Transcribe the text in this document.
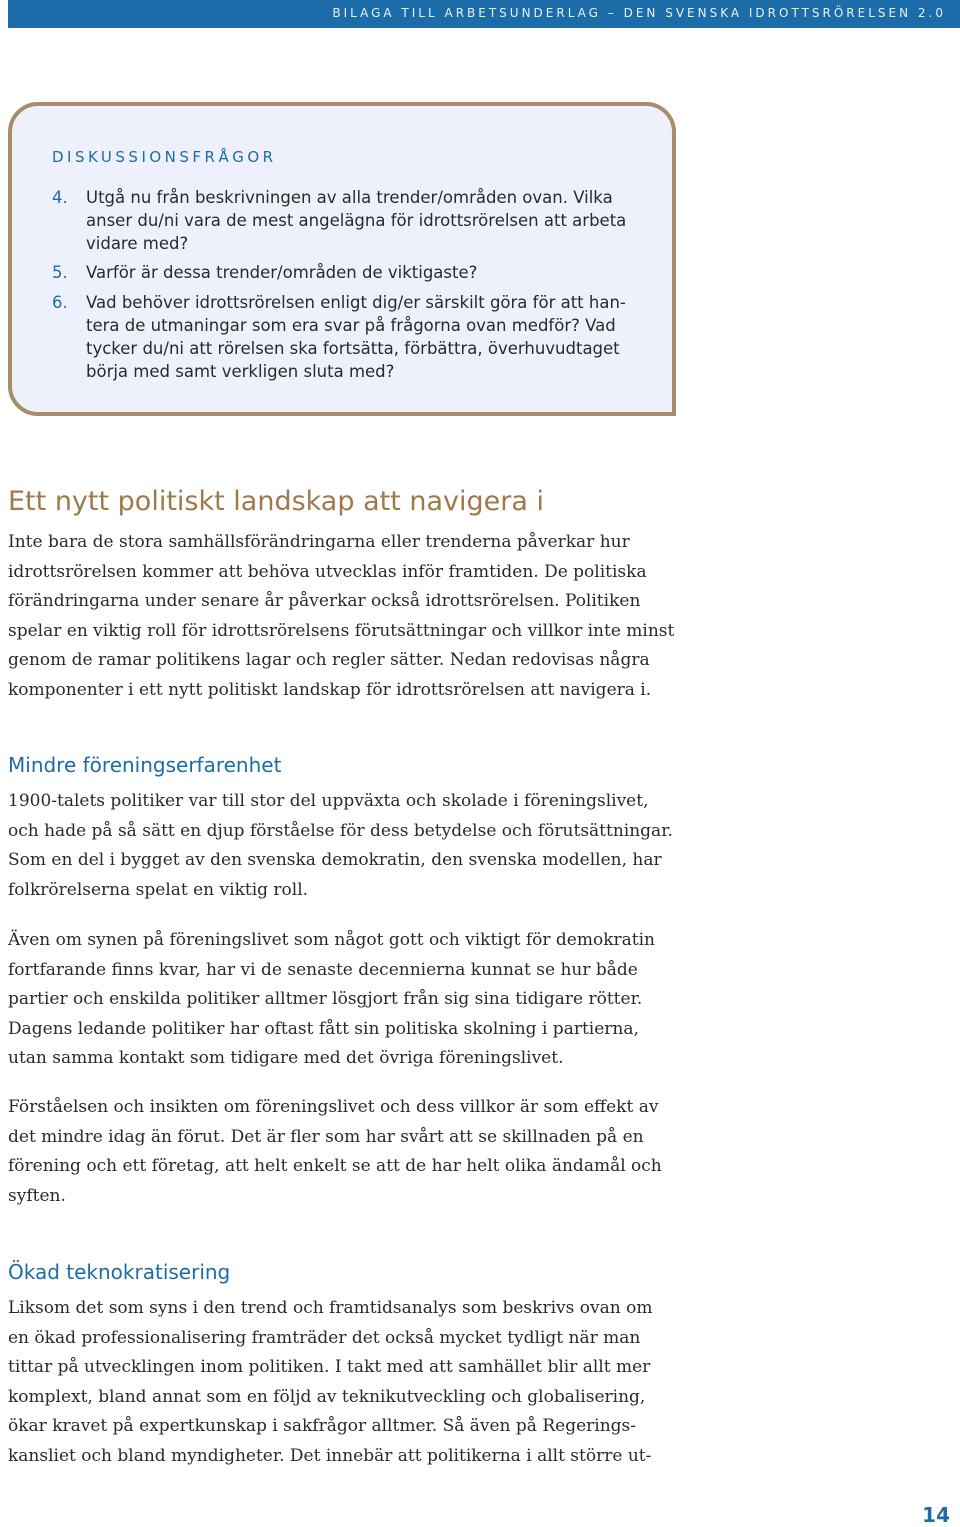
BILAGA TILL ARBETSUNDERLAG – DEN SVENSKA IDROTTSRÖRELSEN 2.0
DISKUSSIONSFRÅGOR
4. Utgå nu från beskrivningen av alla trender/områden ovan. Vilka
anser du/ni vara de mest angelägna för idrottsrörelsen att arbeta
vidare med?
5. Varför är dessa trender/områden de viktigaste?
6. Vad behöver idrottsrörelsen enligt dig/er särskilt göra för att han-
tera de utmaningar som era svar på frågorna ovan medför? Vad
tycker du/ni att rörelsen ska fortsätta, förbättra, överhuvudtaget
börja med samt verkligen sluta med?
Ett nytt politiskt landskap att navigera i
Inte bara de stora samhällsförändringarna eller trenderna påverkar hur
idrottsrörelsen kommer att behöva utvecklas inför framtiden. De politiska
förändringarna under senare år påverkar också idrottsrörelsen. Politiken
spelar en viktig roll för idrottsrörelsens förutsättningar och villkor inte minst
genom de ramar politikens lagar och regler sätter. Nedan redovisas några
komponenter i ett nytt politiskt landskap för idrottsrörelsen att navigera i.
Mindre föreningserfarenhet
1900-talets politiker var till stor del uppväxta och skolade i föreningslivet,
och hade på så sätt en djup förståelse för dess betydelse och förutsättningar.
Som en del i bygget av den svenska demokratin, den svenska modellen, har
folkrörelserna spelat en viktig roll.
Även om synen på föreningslivet som något gott och viktigt för demokratin
fortfarande finns kvar, har vi de senaste decennierna kunnat se hur både
partier och enskilda politiker alltmer lösgjort från sig sina tidigare rötter.
Dagens ledande politiker har oftast fått sin politiska skolning i partierna,
utan samma kontakt som tidigare med det övriga föreningslivet.
Förståelsen och insikten om föreningslivet och dess villkor är som effekt av
det mindre idag än förut. Det är fler som har svårt att se skillnaden på en
förening och ett företag, att helt enkelt se att de har helt olika ändamål och
syften.
Ökad teknokratisering
Liksom det som syns i den trend och framtidsanalys som beskrivs ovan om
en ökad professionalisering framträder det också mycket tydligt när man
tittar på utvecklingen inom politiken. I takt med att samhället blir allt mer
komplext, bland annat som en följd av teknikutveckling och globalisering,
ökar kravet på expertkunskap i sakfrågor alltmer. Så även på Regerings-
kansliet och bland myndigheter. Det innebär att politikerna i allt större ut-
14
